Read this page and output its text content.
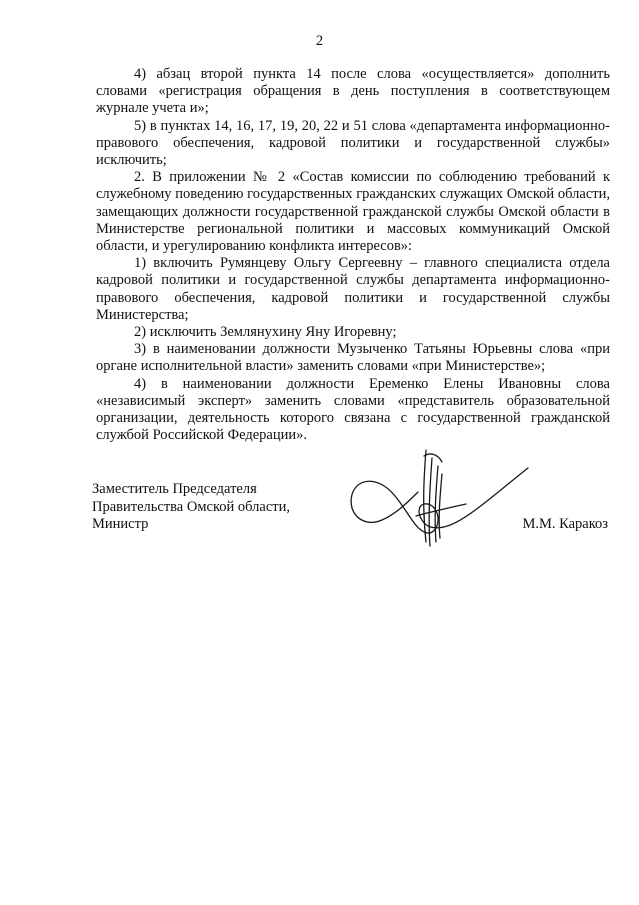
2

4) абзац второй пункта 14 после слова «осуществляется» дополнить словами «регистрация обращения в день поступления в соответствующем журнале учета и»;

5) в пунктах 14, 16, 17, 19, 20, 22 и 51 слова «департамента информационно-правового обеспечения, кадровой политики и государственной службы» исключить;

2. В приложении № 2 «Состав комиссии по соблюдению требований к служебному поведению государственных гражданских служащих Омской области, замещающих должности государственной гражданской службы Омской области в Министерстве региональной политики и массовых коммуникаций Омской области, и урегулированию конфликта интересов»:

1) включить Румянцеву Ольгу Сергеевну – главного специалиста отдела кадровой политики и государственной службы департамента информационно-правового обеспечения, кадровой политики и государственной службы Министерства;

2) исключить Землянухину Яну Игоревну;

3) в наименовании должности Музыченко Татьяны Юрьевны слова «при органе исполнительной власти» заменить словами «при Министерстве»;

4) в наименовании должности Еременко Елены Ивановны слова «независимый эксперт» заменить словами «представитель образовательной организации, деятельность которого связана с государственной гражданской службой Российской Федерации».

Заместитель Председателя
Правительства Омской области,
Министр	М.М. Каракоз
